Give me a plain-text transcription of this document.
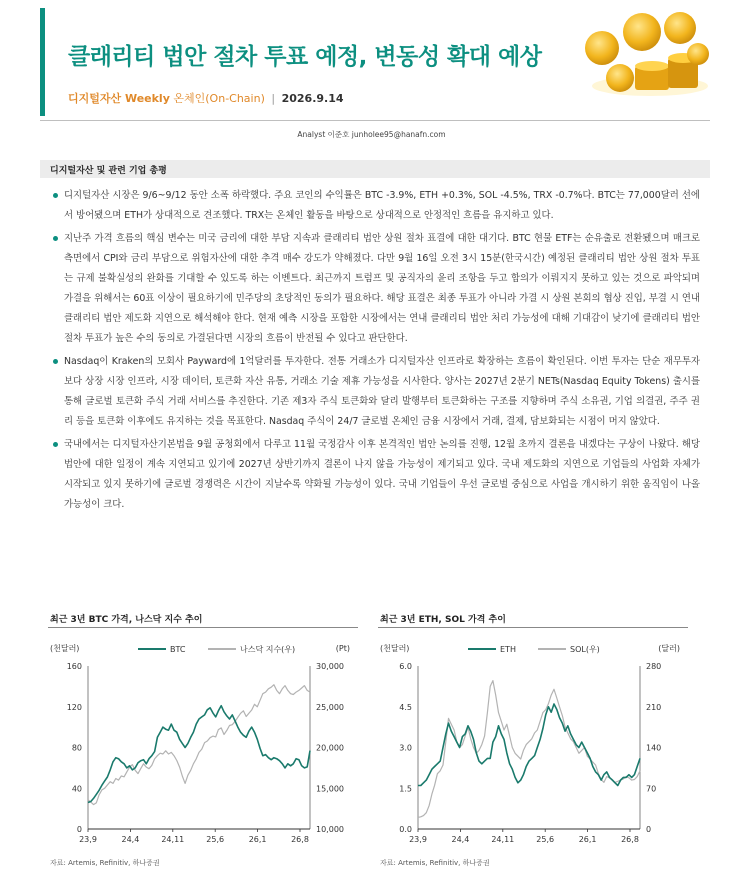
클래리티 법안 절차 투표 예정, 변동성 확대 예상
디지털자산 Weekly 온체인(On-Chain) | 2026.9.14
Analyst 이준호 junholee95@hanafn.com
디지털자산 및 관련 기업 총평

디지털자산 시장은 9/6~9/12 동안 소폭 하락했다. 주요 코인의 수익률은 BTC -3.9%, ETH +0.3%, SOL -4.5%, TRX -0.7%다. BTC는 77,000달러 선에서 방어됐으며 ETH가 상대적으로 견조했다. TRX는 온체인 활동을 바탕으로 상대적으로 안정적인 흐름을 유지하고 있다.

지난주 가격 흐름의 핵심 변수는 미국 금리에 대한 부담 지속과 클래리티 법안 상원 절차 표결에 대한 대기다. BTC 현물 ETF는 순유출로 전환됐으며 매크로 측면에서 CPI와 금리 부담으로 위험자산에 대한 추격 매수 강도가 약해졌다. 다만 9월 16일 오전 3시 15분(한국시간) 예정된 클래리티 법안 상원 절차 투표는 규제 불확실성의 완화를 기대할 수 있도록 하는 이벤트다. 최근까지 트럼프 및 공직자의 윤리 조항을 두고 합의가 이뤄지지 못하고 있는 것으로 파악되며 가결을 위해서는 60표 이상이 필요하기에 민주당의 초당적인 동의가 필요하다. 해당 표결은 최종 투표가 아니라 가결 시 상원 본회의 협상 진입, 부결 시 연내 클래리티 법안 제도화 지연으로 해석해야 한다. 현재 예측 시장을 포함한 시장에서는 연내 클래리티 법안 처리 가능성에 대해 기대감이 낮기에 클래리티 법안 절차 투표가 높은 수의 동의로 가결된다면 시장의 흐름이 반전될 수 있다고 판단한다.

Nasdaq이 Kraken의 모회사 Payward에 1억달러를 투자한다. 전통 거래소가 디지털자산 인프라로 확장하는 흐름이 확인된다. 이번 투자는 단순 재무투자보다 상장 시장 인프라, 시장 데이터, 토큰화 자산 유통, 거래소 기술 제휴 가능성을 시사한다. 양사는 2027년 2분기 NETs(Nasdaq Equity Tokens) 출시를 통해 글로벌 토큰화 주식 거래 서비스를 추진한다. 기존 제3자 주식 토큰화와 달리 발행부터 토큰화하는 구조를 지향하며 주식 소유권, 기업 의결권, 주주 권리 등을 토큰화 이후에도 유지하는 것을 목표한다. Nasdaq 주식이 24/7 글로벌 온체인 금융 시장에서 거래, 결제, 담보화되는 시점이 머지 않았다.

국내에서는 디지털자산기본법을 9월 공청회에서 다루고 11월 국정감사 이후 본격적인 법안 논의를 진행, 12월 초까지 결론을 내겠다는 구상이 나왔다. 해당 법안에 대한 일정이 계속 지연되고 있기에 2027년 상반기까지 결론이 나지 않을 가능성이 제기되고 있다. 국내 제도화의 지연으로 기업들의 사업화 자체가 시작되고 있지 못하기에 글로벌 경쟁력은 시간이 지날수록 약화될 가능성이 있다. 국내 기업들이 우선 글로벌 중심으로 사업을 개시하기 위한 움직임이 나올 가능성이 크다.

최근 3년 BTC 가격, 나스닥 지수 추이
(천달러)	(Pt)
BTC	나스닥 지수(우)
0
40
80
120
160
10,000
15,000
20,000
25,000
30,000
23,9	24,4	24,11	25,6	26,1	26,8
자료: Artemis, Refinitiv, 하나증권
최근 3년 ETH, SOL 가격 추이
(천달러)	(달러)
ETH	SOL(우)
0.0
1.5
3.0
4.5
6.0
0
70
140
210
280
23,9	24,4	24,11	25,6	26,1	26,8
자료: Artemis, Refinitiv, 하나증권
